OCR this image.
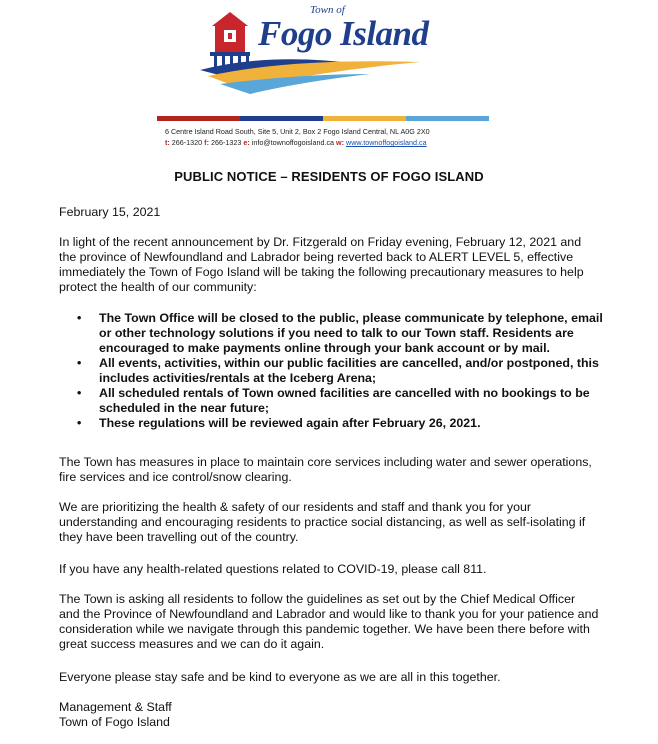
Town of
Fogo Island
6 Centre Island Road South, Site 5, Unit 2, Box 2 Fogo Island Central, NL A0G 2X0
t: 266-1320 f: 266-1323 e: info@townoffogoisland.ca w: www.townoffogoisland.ca
PUBLIC NOTICE – RESIDENTS OF FOGO ISLAND

February 15, 2021

In light of the recent announcement by Dr. Fitzgerald on Friday evening, February 12, 2021 and the province of Newfoundland and Labrador being reverted back to ALERT LEVEL 5, effective immediately the Town of Fogo Island will be taking the following precautionary measures to help protect the health of our community:

• The Town Office will be closed to the public, please communicate by telephone, email or other technology solutions if you need to talk to our Town staff. Residents are encouraged to make payments online through your bank account or by mail.
• All events, activities, within our public facilities are cancelled, and/or postponed, this includes activities/rentals at the Iceberg Arena;
• All scheduled rentals of Town owned facilities are cancelled with no bookings to be scheduled in the near future;
• These regulations will be reviewed again after February 26, 2021.

The Town has measures in place to maintain core services including water and sewer operations, fire services and ice control/snow clearing.

We are prioritizing the health & safety of our residents and staff and thank you for your understanding and encouraging residents to practice social distancing, as well as self-isolating if they have been travelling out of the country.

If you have any health-related questions related to COVID-19, please call 811.

The Town is asking all residents to follow the guidelines as set out by the Chief Medical Officer and the Province of Newfoundland and Labrador and would like to thank you for your patience and consideration while we navigate through this pandemic together. We have been there before with great success measures and we can do it again.

Everyone please stay safe and be kind to everyone as we are all in this together.

Management & Staff

Town of Fogo Island
